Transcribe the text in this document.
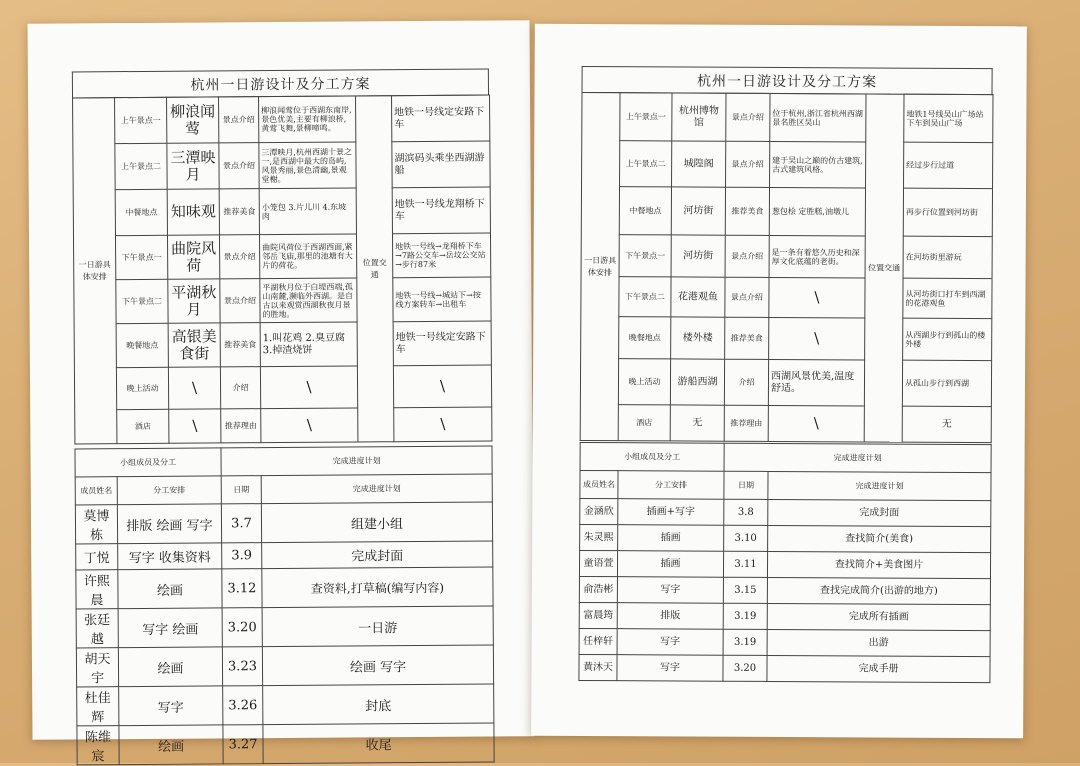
杭州一日游设计及分工方案
一日游具体安排	上午景点一	柳浪闻莺	景点介绍	柳浪闻莺位于西湖东南岸,景色优美,主要有柳浪桥,黄莺飞舞,景柳啼鸣。	位置交通	地铁一号线定安路下车
	上午景点二	三潭映月	景点介绍	三潭映月,杭州西湖十景之一,是西湖中最大的岛屿,风景秀丽,景色清幽,景观堂榭。		湖滨码头乘坐西湖游船
	中餐地点	知味观	推荐美食	小笼包 3.片儿川 4.东坡肉		地铁一号线龙翔桥下车
	下午景点一	曲院风荷	景点介绍	曲院风荷位于西湖西面,紧邻岳飞庙,那里的池塘有大片的荷花。		地铁一号线→龙翔桥下车→7路公交车→岳坟公交站→步行87米
	下午景点二	平湖秋月	景点介绍	平湖秋月位于白堤西端,孤山南麓,濒临外西湖。是自古以来观赏西湖秋夜月景的胜地。		地铁一号线→城站下→按线方案转车→出租车
	晚餐地点	高银美食街	推荐美食	1.叫花鸡 2.臭豆腐 3.掉渣烧饼		地铁一号线定安路下车
	晚上活动	\	介绍	\		\
	酒店	\	推荐理由	\		\
小组成员及分工		完成进度计划	
成员姓名	分工安排	日期	完成进度计划
莫博栋	排版 绘画 写字	3.7	组建小组
丁悦	写字 收集资料	3.9	完成封面
许熙晨	绘画	3.12	查资料,打草稿(编写内容)
张廷越	写字 绘画	3.20	一日游
胡天宇	绘画	3.23	绘画 写字
杜佳辉	写字	3.26	封底
陈维宸	绘画	3.27	收尾
杭州一日游设计及分工方案
一日游具体安排	上午景点一	杭州博物馆	景点介绍	位于杭州,浙江省杭州西湖景名胜区吴山	位置交通	地铁1号线吴山广场站下车到吴山广场
	上午景点二	城隍阁	景点介绍	建于吴山之巅的仿古建筑,古式建筑风格。		经过步行过道
	中餐地点	河坊街	推荐美食	葱包桧 定胜糕,油墩儿		再步行位置到河坊街
	下午景点一	河坊街	景点介绍	是一条有着悠久历史和深厚文化底蕴的老街。		在河坊街里游玩
	下午景点二	花港观鱼	景点介绍	\		从河坊街口打车到西湖的花港观鱼
	晚餐地点	楼外楼	推荐美食	\		从西湖步行到孤山的楼外楼
	晚上活动	游船西湖	介绍	西湖风景优美,温度舒适。		从孤山步行到西湖
	酒店	无	推荐理由	\		无
小组成员及分工		完成进度计划	
成员姓名	分工安排	日期	完成进度计划
金涵欣	插画+写字	3.8	完成封面
朱灵熙	插画	3.10	查找简介(美食)
童语萱	插画	3.11	查找简介+美食图片
俞浩彬	写字	3.15	查找完成简介(出游的地方)
富晨筠	排版	3.19	完成所有插画
任梓轩	写字	3.19	出游
黄沐天	写字	3.20	完成手册
